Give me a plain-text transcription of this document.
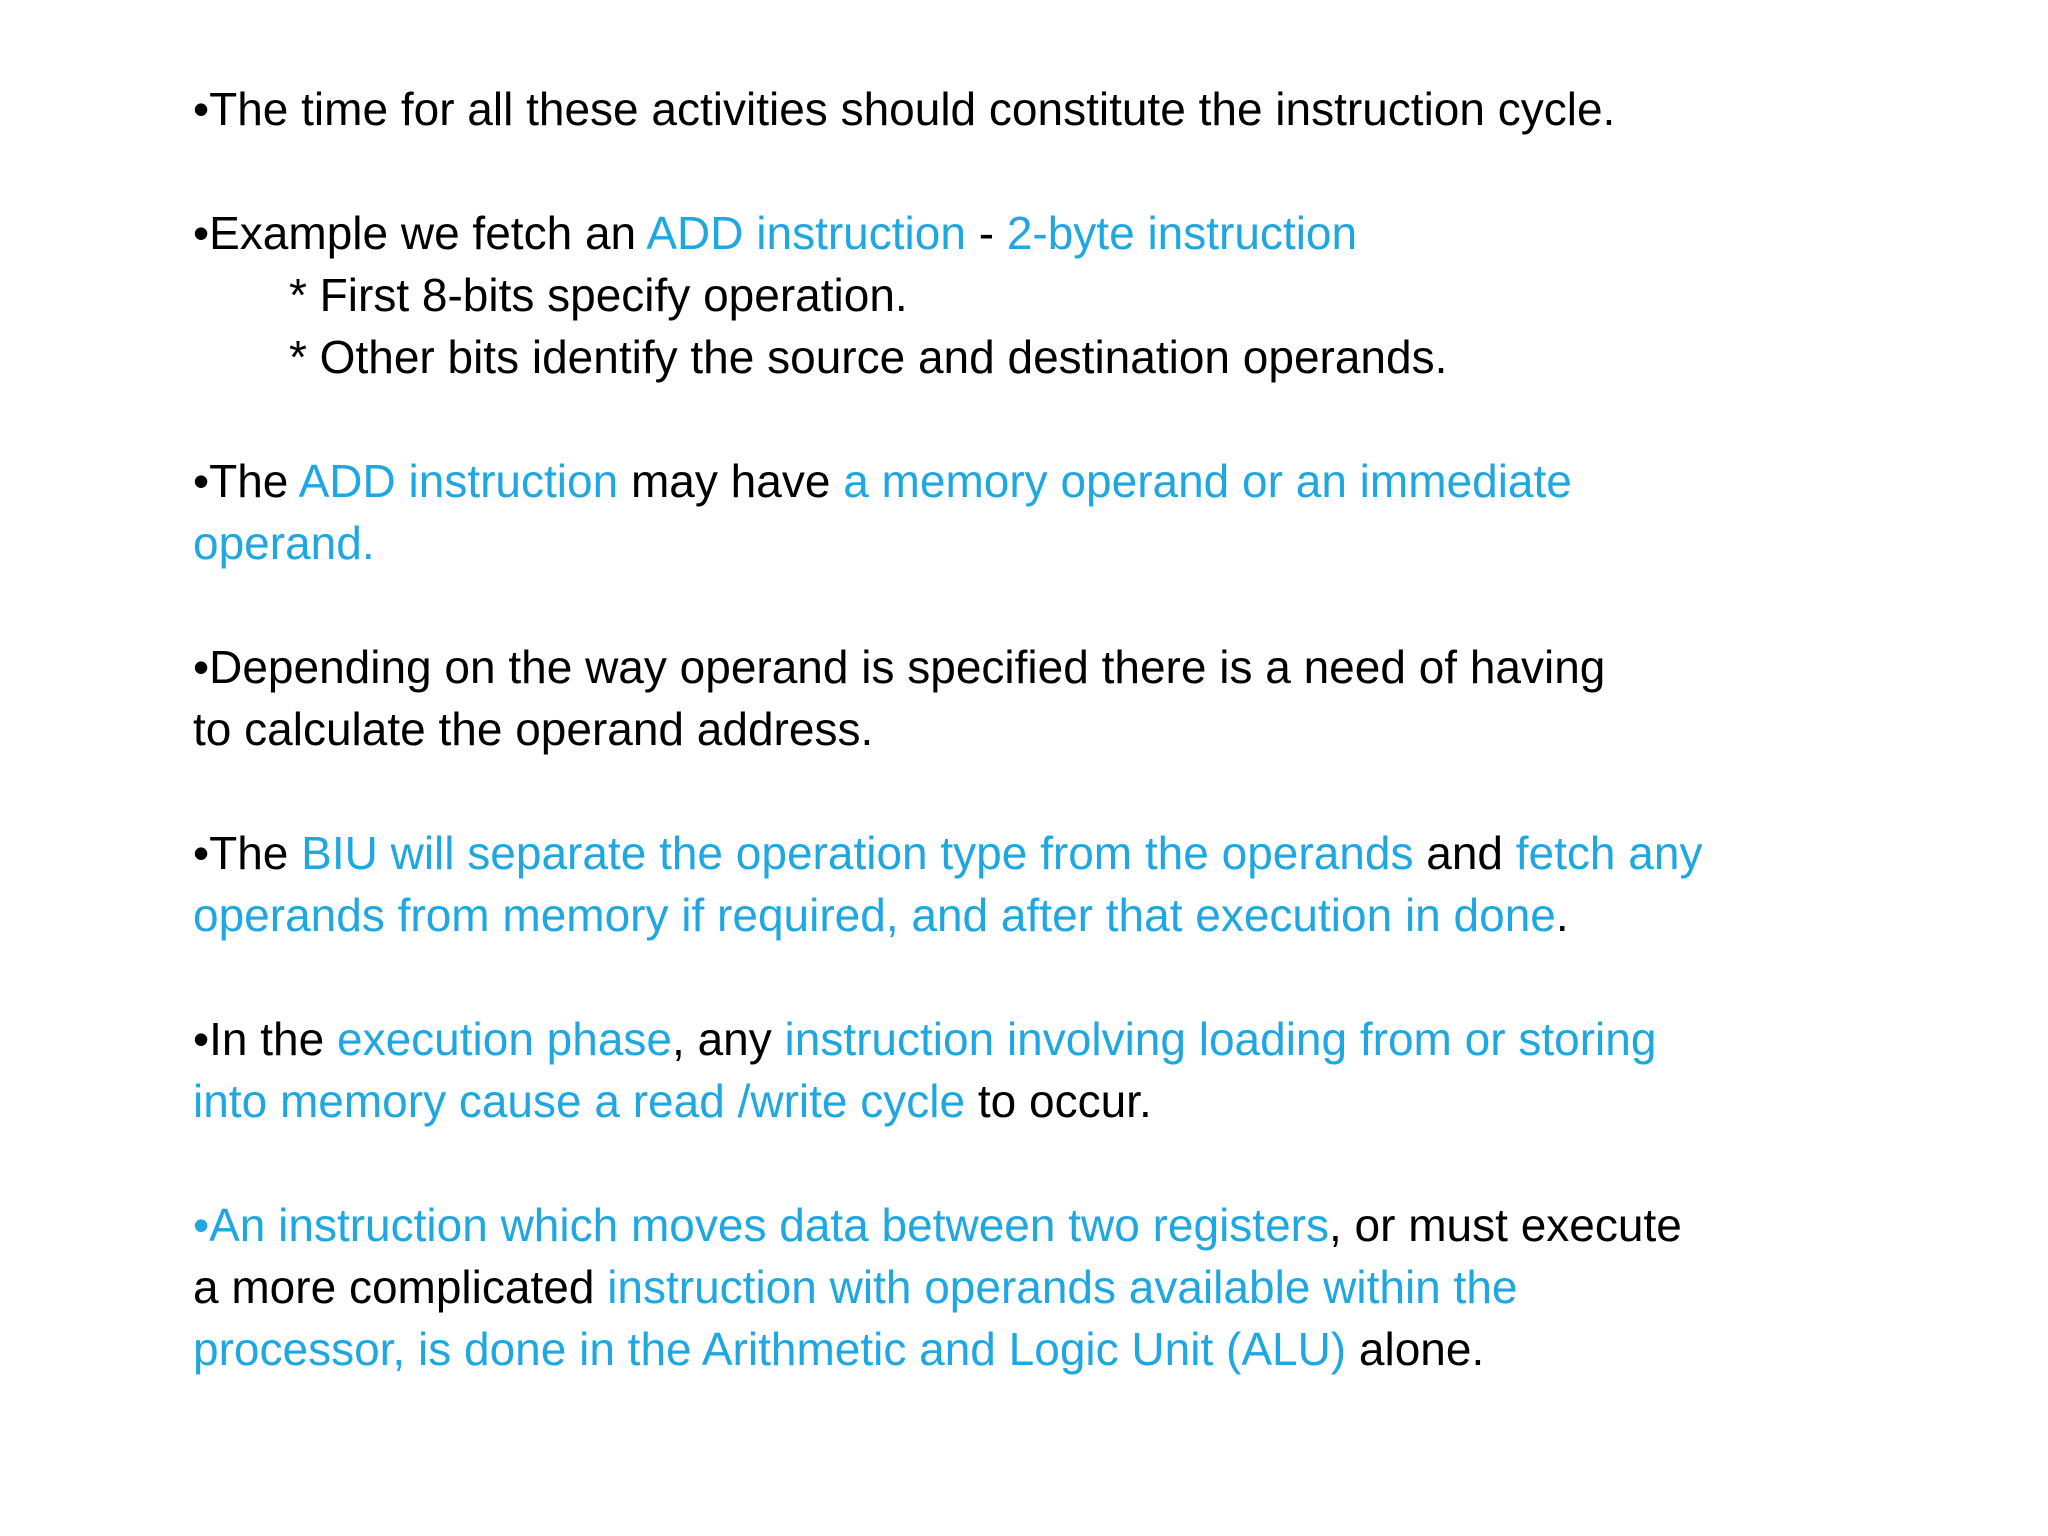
•The time for all these activities should constitute the instruction cycle.

•Example we fetch an ADD instruction - 2-byte instruction
* First 8-bits specify operation.
* Other bits identify the source and destination operands.

•The ADD instruction may have a memory operand or an immediate
operand.

•Depending on the way operand is specified there is a need of having
to calculate the operand address.

•The BIU will separate the operation type from the operands and fetch any
operands from memory if required, and after that execution in done.

•In the execution phase, any instruction involving loading from or storing
into memory cause a read /write cycle to occur.

•An instruction which moves data between two registers, or must execute
a more complicated instruction with operands available within the
processor, is done in the Arithmetic and Logic Unit (ALU) alone.
